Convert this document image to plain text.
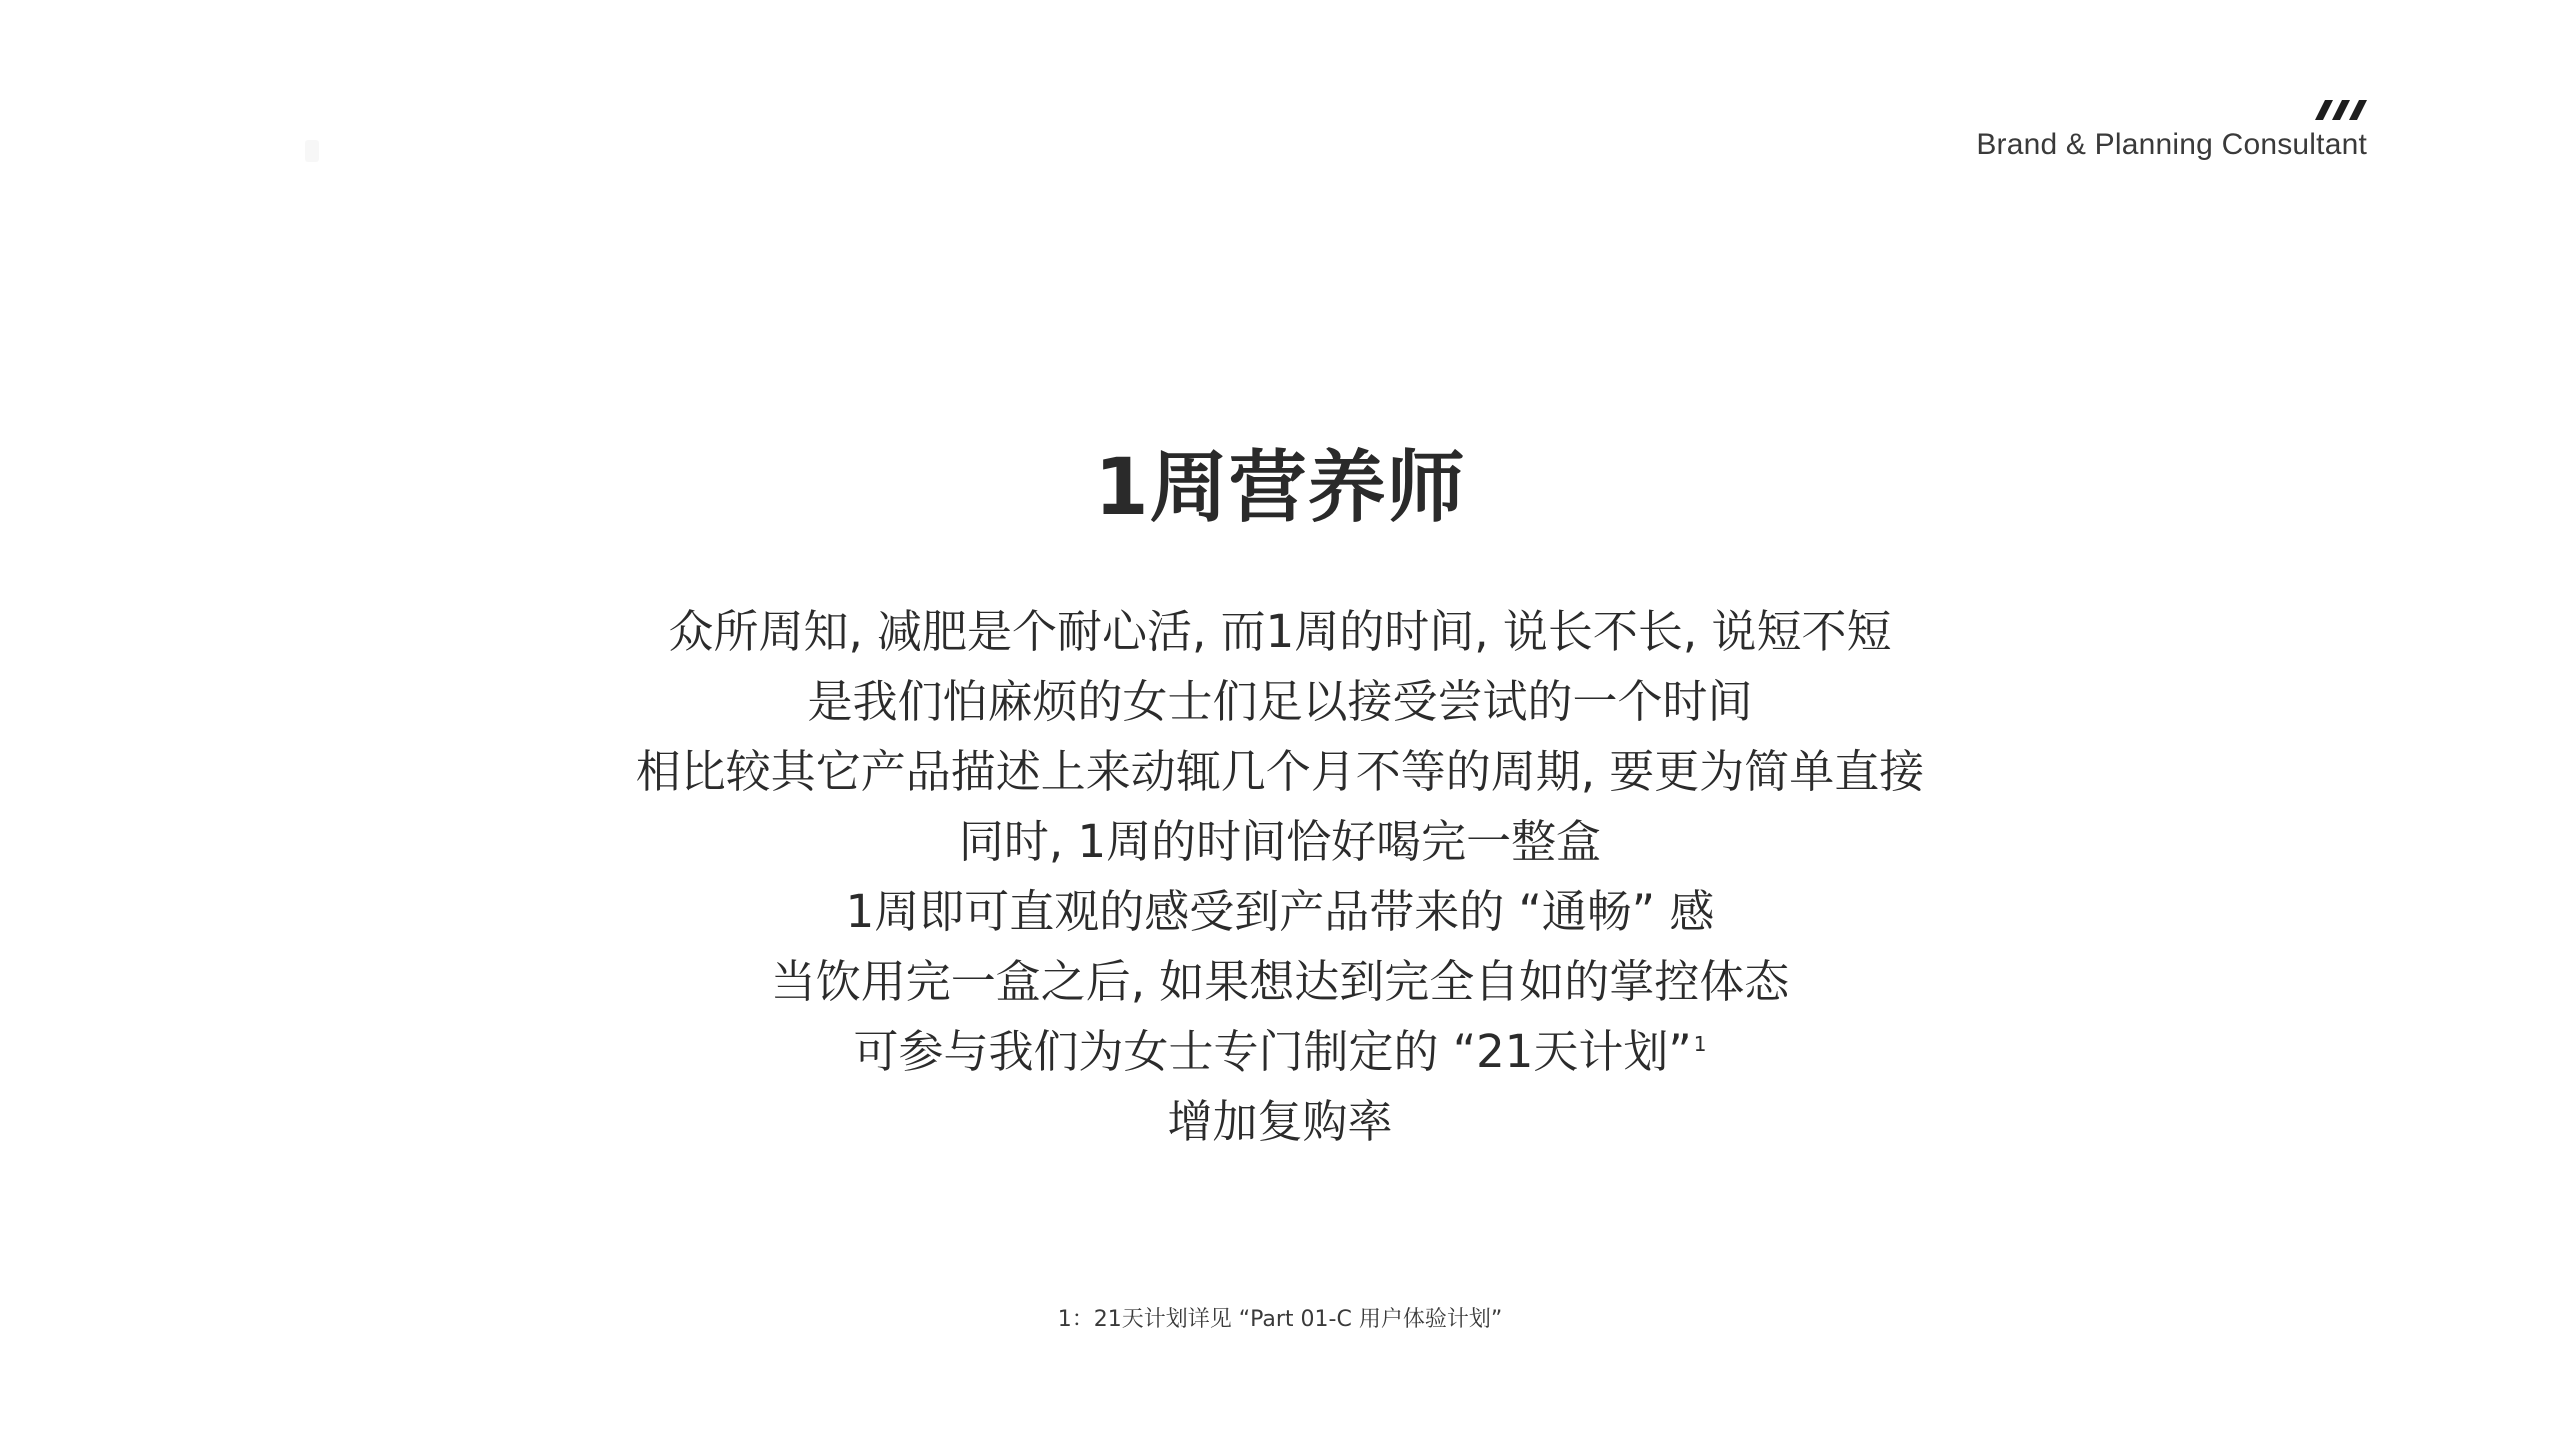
Brand & Planning Consultant
1周营养师
众所周知, 减肥是个耐心活, 而1周的时间, 说长不长, 说短不短
是我们怕麻烦的女士们足以接受尝试的一个时间
相比较其它产品描述上来动辄几个月不等的周期, 要更为简单直接
同时, 1周的时间恰好喝完一整盒
1周即可直观的感受到产品带来的 “通畅” 感
当饮用完一盒之后, 如果想达到完全自如的掌控体态
可参与我们为女士专门制定的 “21天计划” $^1$
增加复购率
1：21天计划详见 “Part 01-C 用户体验计划”
